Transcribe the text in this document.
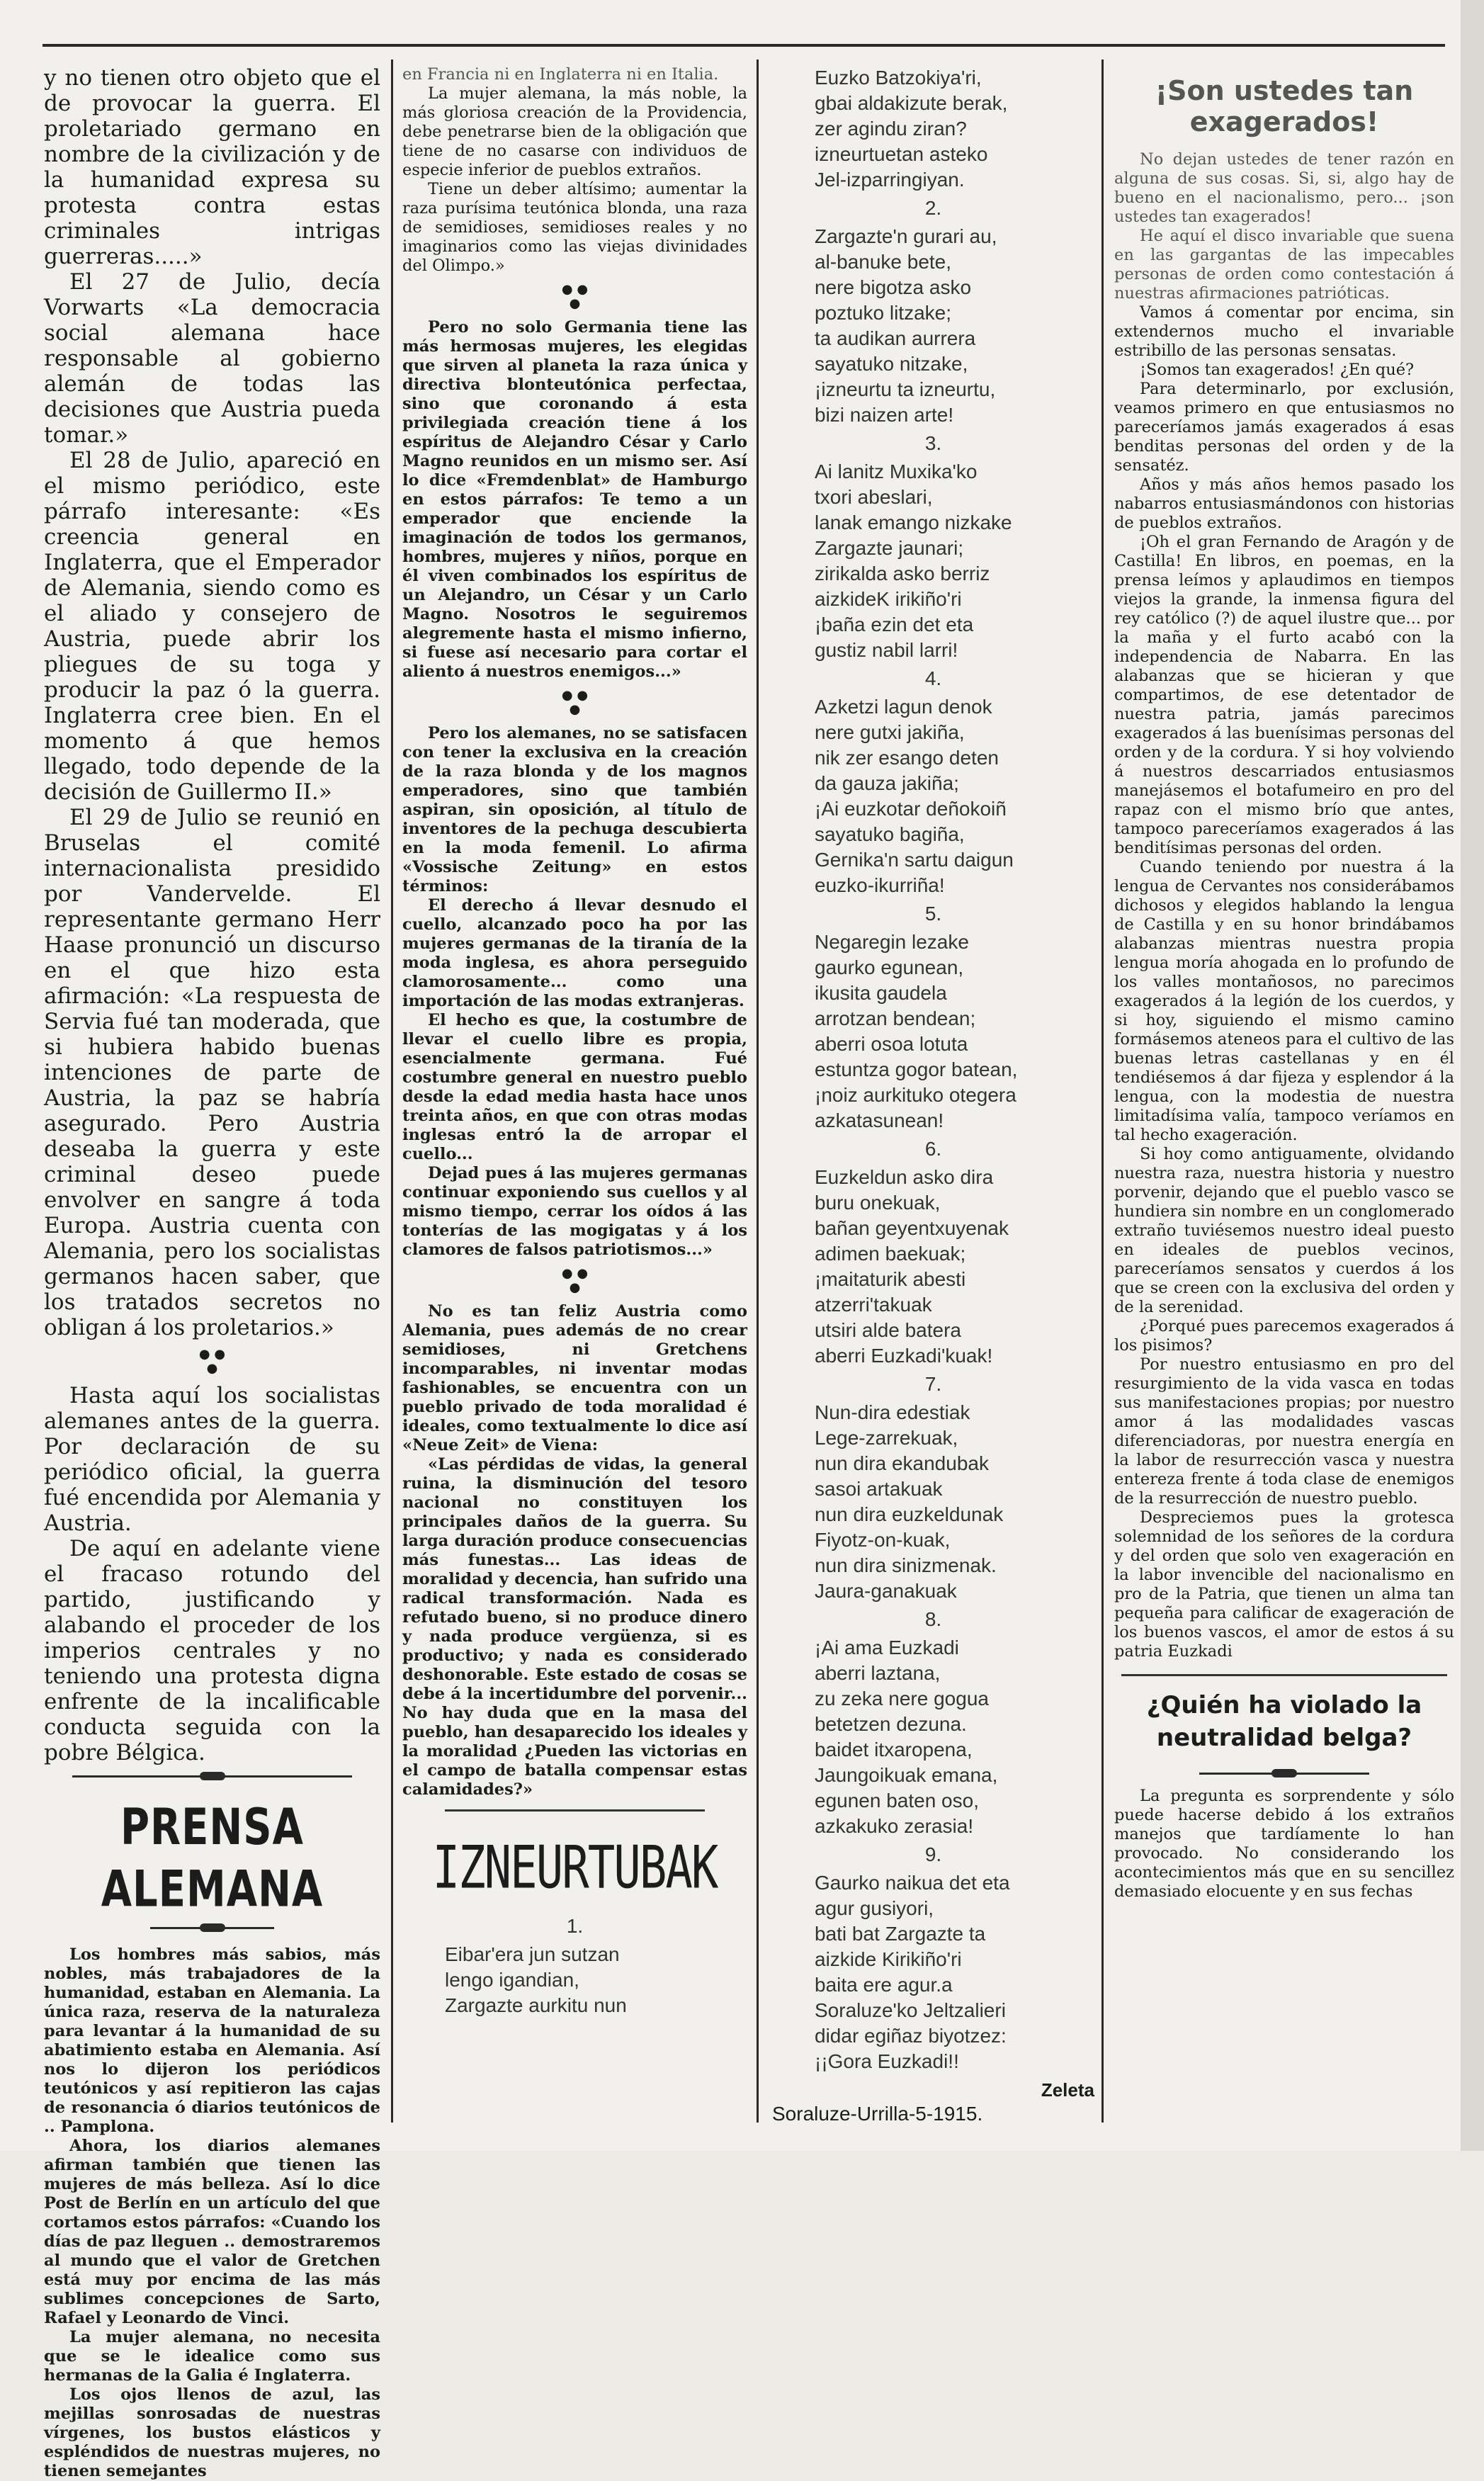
y no tienen otro objeto que el de provocar la guerra. El proletariado germano en nombre de la civilización y de la humanidad expresa su protesta contra estas criminales intrigas guerreras.....»

El 27 de Julio, decía Vorwarts «La democracia social alemana hace responsable al gobierno alemán de todas las decisiones que Austria pueda tomar.»

El 28 de Julio, apareció en el mismo periódico, este párrafo interesante: «Es creencia general en Inglaterra, que el Emperador de Alemania, siendo como es el aliado y consejero de Austria, puede abrir los pliegues de su toga y producir la paz ó la guerra. Inglaterra cree bien. En el momento á que hemos llegado, todo depende de la decisión de Guillermo II.»

El 29 de Julio se reunió en Bruselas el comité internacionalista presidido por Vandervelde. El representante germano Herr Haase pronunció un discurso en el que hizo esta afirmación: «La respuesta de Servia fué tan moderada, que si hubiera habido buenas intenciones de parte de Austria, la paz se habría asegurado. Pero Austria deseaba la guerra y este criminal deseo puede envolver en sangre á toda Europa. Austria cuenta con Alemania, pero los socialistas germanos hacen saber, que los tratados secretos no obligan á los proletarios.»

● ●
●

Hasta aquí los socialistas alemanes antes de la guerra. Por declaración de su periódico oficial, la guerra fué encendida por Alemania y Austria.

De aquí en adelante viene el fracaso rotundo del partido, justificando y alabando el proceder de los imperios centrales y no teniendo una protesta digna enfrente de la incalificable conducta seguida con la pobre Bélgica.

PRENSA ALEMANA

Los hombres más sabios, más nobles, más trabajadores de la humanidad, estaban en Alemania. La única raza, reserva de la naturaleza para levantar á la humanidad de su abatimiento estaba en Alemania. Así nos lo dijeron los periódicos teutónicos y así repitieron las cajas de resonancia ó diarios teutónicos de .. Pamplona.

Ahora, los diarios alemanes afirman también que tienen las mujeres de más belleza. Así lo dice Post de Berlín en un artículo del que cortamos estos párrafos: «Cuando los días de paz lleguen .. demostraremos al mundo que el valor de Gretchen está muy por encima de las más sublimes concepciones de Sarto, Rafael y Leonardo de Vinci.

La mujer alemana, no necesita que se le idealice como sus hermanas de la Galia é Inglaterra.

Los ojos llenos de azul, las mejillas sonrosadas de nuestras vírgenes, los bustos elásticos y espléndidos de nuestras mujeres, no tienen semejantes

en Francia ni en Inglaterra ni en Italia.

La mujer alemana, la más noble, la más gloriosa creación de la Providencia, debe penetrarse bien de la obligación que tiene de no casarse con individuos de especie inferior de pueblos extraños.

Tiene un deber altísimo; aumentar la raza purísima teutónica blonda, una raza de semidioses, semidioses reales y no imaginarios como las viejas divinidades del Olimpo.»

● ●
●

Pero no solo Germania tiene las más hermosas mujeres, les elegidas que sirven al planeta la raza única y directiva blonteutónica perfectaa, sino que coronando á esta privilegiada creación tiene á los espíritus de Alejandro César y Carlo Magno reunidos en un mismo ser. Así lo dice «Fremdenblat» de Hamburgo en estos párrafos: Te temo a un emperador que enciende la imaginación de todos los germanos, hombres, mujeres y niños, porque en él viven combinados los espíritus de un Alejandro, un César y un Carlo Magno. Nosotros le seguiremos alegremente hasta el mismo infierno, si fuese así necesario para cortar el aliento á nuestros enemigos...»

● ●
●

Pero los alemanes, no se satisfacen con tener la exclusiva en la creación de la raza blonda y de los magnos emperadores, sino que también aspiran, sin oposición, al título de inventores de la pechuga descubierta en la moda femenil. Lo afirma «Vossische Zeitung» en estos términos:

El derecho á llevar desnudo el cuello, alcanzado poco ha por las mujeres germanas de la tiranía de la moda inglesa, es ahora perseguido clamorosamente... como una importación de las modas extranjeras.

El hecho es que, la costumbre de llevar el cuello libre es propia, esencialmente germana. Fué costumbre general en nuestro pueblo desde la edad media hasta hace unos treinta años, en que con otras modas inglesas entró la de arropar el cuello...

Dejad pues á las mujeres germanas continuar exponiendo sus cuellos y al mismo tiempo, cerrar los oídos á las tonterías de las mogigatas y á los clamores de falsos patriotismos...»

● ●
●

No es tan feliz Austria como Alemania, pues además de no crear semidioses, ni Gretchens incomparables, ni inventar modas fashionables, se encuentra con un pueblo privado de toda moralidad é ideales, como textualmente lo dice así «Neue Zeit» de Viena:

«Las pérdidas de vidas, la general ruina, la disminución del tesoro nacional no constituyen los principales daños de la guerra. Su larga duración produce consecuencias más funestas... Las ideas de moralidad y decencia, han sufrido una radical transformación. Nada es refutado bueno, si no produce dinero y nada produce vergüenza, si es productivo; y nada es considerado deshonorable. Este estado de cosas se debe á la incertidumbre del porvenir... No hay duda que en la masa del pueblo, han desaparecido los ideales y la moralidad ¿Pueden las victorias en el campo de batalla compensar estas calamidades?»

IZNEURTUBAK
1.

Eibar'era jun sutzan
lengo igandian,
Zargazte aurkitu nun

Euzko Batzokiya'ri,
gbai aldakizute berak,
zer agindu ziran?
izneurtuetan asteko
Jel-izparringiyan.

2.

Zargazte'n gurari au,
al-banuke bete,
nere bigotza asko
poztuko litzake;
ta audikan aurrera
sayatuko nitzake,
¡izneurtu ta izneurtu,
bizi naizen arte!

3.

Ai lanitz Muxika'ko
txori abeslari,
lanak emango nizkake
Zargazte jaunari;
zirikalda asko berriz
aizkideK irikiño'ri
¡baña ezin det eta
gustiz nabil larri!

4.

Azketzi lagun denok
nere gutxi jakiña,
nik zer esango deten
da gauza jakiña;
¡Ai euzkotar deñokoiñ
sayatuko bagiña,
Gernika'n sartu daigun
euzko-ikurriña!

5.

Negaregin lezake
gaurko egunean,
ikusita gaudela
arrotzan bendean;
aberri osoa lotuta
estuntza gogor batean,
¡noiz aurkituko otegera
azkatasunean!

6.

Euzkeldun asko dira
buru onekuak,
bañan geyentxuyenak
adimen baekuak;
¡maitaturik abesti
atzerri'takuak
utsiri alde batera
aberri Euzkadi'kuak!

7.

Nun-dira edestiak
Lege-zarrekuak,
nun dira ekandubak
sasoi artakuak
nun dira euzkeldunak
Fiyotz-on-kuak,
nun dira sinizmenak.
Jaura-ganakuak

8.

¡Ai ama Euzkadi
aberri laztana,
zu zeka nere gogua
betetzen dezuna.
baidet itxaropena,
Jaungoikuak emana,
egunen baten oso,
azkakuko zerasia!

9.

Gaurko naikua det eta
agur gusiyori,
bati bat Zargazte ta
aizkide Kirikiño'ri
baita ere agur.a
Soraluze'ko Jeltzalieri
didar egiñaz biyotzez:
¡¡Gora Euzkadi!!

Zeleta

Soraluze-Urrilla-5-1915.

¡Son ustedes tan exagerados!

No dejan ustedes de tener razón en alguna de sus cosas. Si, si, algo hay de bueno en el nacionalismo, pero... ¡son ustedes tan exagerados!

He aquí el disco invariable que suena en las gargantas de las impecables personas de orden como contestación á nuestras afirmaciones patrióticas.

Vamos á comentar por encima, sin extendernos mucho el invariable estribillo de las personas sensatas.

¡Somos tan exagerados! ¿En qué?

Para determinarlo, por exclusión, veamos primero en que entusiasmos no pareceríamos jamás exagerados á esas benditas personas del orden y de la sensatéz.

Años y más años hemos pasado los nabarros entusiasmándonos con historias de pueblos extraños.

¡Oh el gran Fernando de Aragón y de Castilla! En libros, en poemas, en la prensa leímos y aplaudimos en tiempos viejos la grande, la inmensa figura del rey católico (?) de aquel ilustre que... por la maña y el furto acabó con la independencia de Nabarra. En las alabanzas que se hicieran y que compartimos, de ese detentador de nuestra patria, jamás parecimos exagerados á las buenísimas personas del orden y de la cordura. Y si hoy volviendo á nuestros descarriados entusiasmos manejásemos el botafumeiro en pro del rapaz con el mismo brío que antes, tampoco pareceríamos exagerados á las benditísimas personas del orden.

Cuando teniendo por nuestra á la lengua de Cervantes nos considerábamos dichosos y elegidos hablando la lengua de Castilla y en su honor brindábamos alabanzas mientras nuestra propia lengua moría ahogada en lo profundo de los valles montañosos, no parecimos exagerados á la legión de los cuerdos, y si hoy, siguiendo el mismo camino formásemos ateneos para el cultivo de las buenas letras castellanas y en él tendiésemos á dar fijeza y esplendor á la lengua, con la modestia de nuestra limitadísima valía, tampoco veríamos en tal hecho exageración.

Si hoy como antiguamente, olvidando nuestra raza, nuestra historia y nuestro porvenir, dejando que el pueblo vasco se hundiera sin nombre en un conglomerado extraño tuviésemos nuestro ideal puesto en ideales de pueblos vecinos, pareceríamos sensatos y cuerdos á los que se creen con la exclusiva del orden y de la serenidad.

¿Porqué pues parecemos exagerados á los pisimos?

Por nuestro entusiasmo en pro del resurgimiento de la vida vasca en todas sus manifestaciones propias; por nuestro amor á las modalidades vascas diferenciadoras, por nuestra energía en la labor de resurrección vasca y nuestra entereza frente á toda clase de enemigos de la resurrección de nuestro pueblo.

Despreciemos pues la grotesca solemnidad de los señores de la cordura y del orden que solo ven exageración en la labor invencible del nacionalismo en pro de la Patria, que tienen un alma tan pequeña para calificar de exageración de los buenos vascos, el amor de estos á su patria Euzkadi

¿Quién ha violado la neutralidad belga?

La pregunta es sorprendente y sólo puede hacerse debido á los extraños manejos que tardíamente lo han provocado. No considerando los acontecimientos más que en su sencillez demasiado elocuente y en sus fechas
